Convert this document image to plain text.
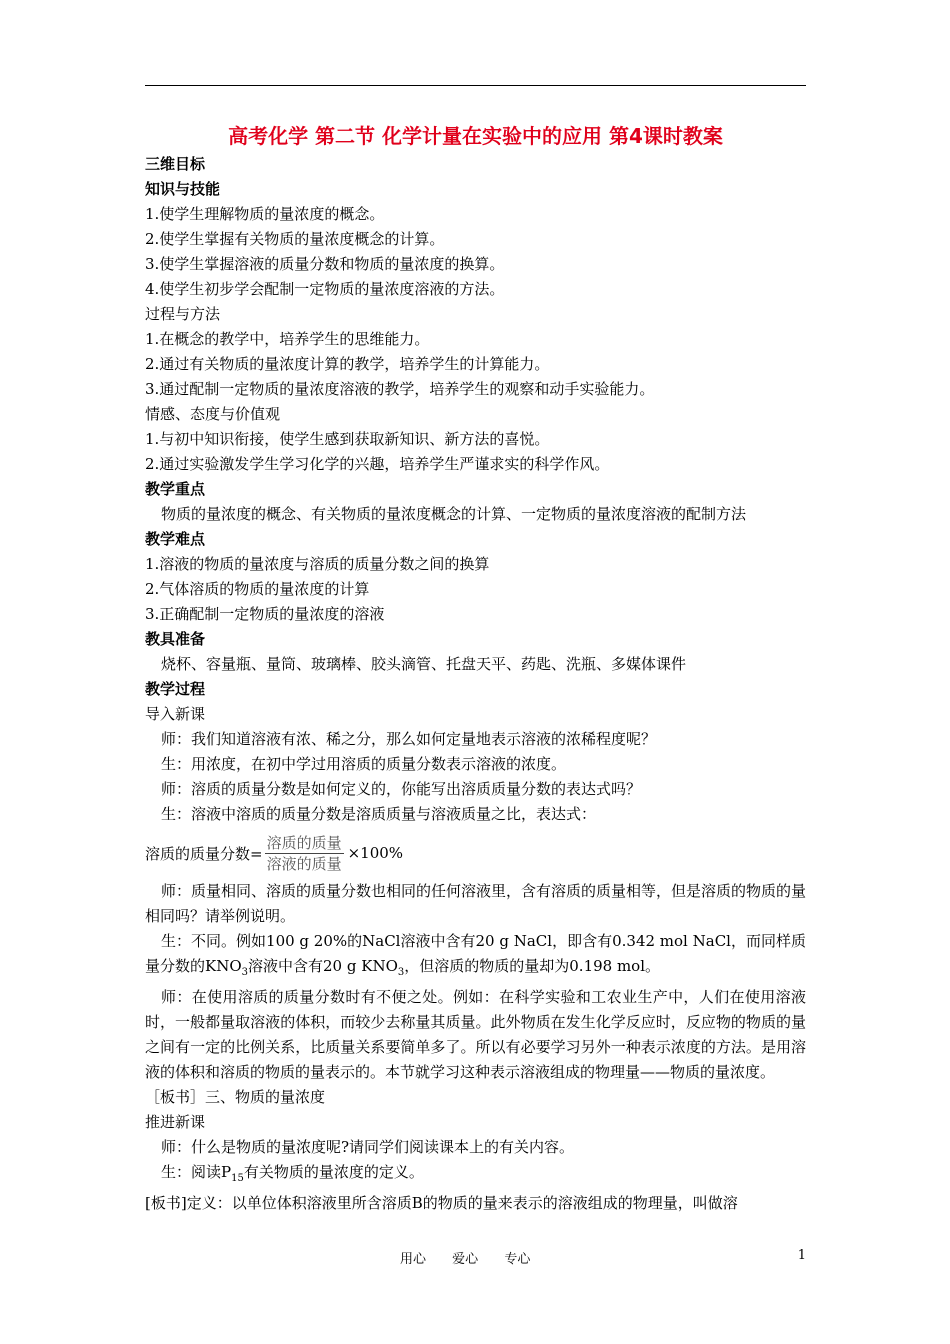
高考化学 第二节 化学计量在实验中的应用 第4课时教案

三维目标

知识与技能

1.使学生理解物质的量浓度的概念。

2.使学生掌握有关物质的量浓度概念的计算。

3.使学生掌握溶液的质量分数和物质的量浓度的换算。

4.使学生初步学会配制一定物质的量浓度溶液的方法。

过程与方法

1.在概念的教学中，培养学生的思维能力。

2.通过有关物质的量浓度计算的教学，培养学生的计算能力。

3.通过配制一定物质的量浓度溶液的教学，培养学生的观察和动手实验能力。

情感、态度与价值观

1.与初中知识衔接，使学生感到获取新知识、新方法的喜悦。

2.通过实验激发学生学习化学的兴趣，培养学生严谨求实的科学作风。

教学重点

物质的量浓度的概念、有关物质的量浓度概念的计算、一定物质的量浓度溶液的配制方法

教学难点

1.溶液的物质的量浓度与溶质的质量分数之间的换算

2.气体溶质的物质的量浓度的计算

3.正确配制一定物质的量浓度的溶液

教具准备

烧杯、容量瓶、量筒、玻璃棒、胶头滴管、托盘天平、药匙、洗瓶、多媒体课件

教学过程

导入新课

师：我们知道溶液有浓、稀之分，那么如何定量地表示溶液的浓稀程度呢？

生：用浓度，在初中学过用溶质的质量分数表示溶液的浓度。

师：溶质的质量分数是如何定义的，你能写出溶质质量分数的表达式吗？

生：溶液中溶质的质量分数是溶质质量与溶液质量之比，表达式：

溶质的质量分数= $\frac{\text{溶质的质量}}{\text{溶液的质量}} \times 100\%$

师：质量相同、溶质的质量分数也相同的任何溶液里，含有溶质的质量相等，但是溶质的物质的量相同吗？请举例说明。

生：不同。例如100 g 20%的NaCl溶液中含有20 g NaCl，即含有0.342 mol NaCl，而同样质量分数的$KNO_3$溶液中含有20 g $KNO_3$，但溶质的物质的量却为0.198 mol。

师：在使用溶质的质量分数时有不便之处。例如：在科学实验和工农业生产中，人们在使用溶液时，一般都量取溶液的体积，而较少去称量其质量。此外物质在发生化学反应时，反应物的物质的量之间有一定的比例关系，比质量关系要简单多了。所以有必要学习另外一种表示浓度的方法。是用溶液的体积和溶质的物质的量表示的。本节就学习这种表示溶液组成的物理量——物质的量浓度。

［板书］三、物质的量浓度

推进新课

师：什么是物质的量浓度呢?请同学们阅读课本上的有关内容。

生：阅读$P_{15}$有关物质的量浓度的定义。

[板书]定义：以单位体积溶液里所含溶质B的物质的量来表示的溶液组成的物理量，叫做溶

用心 爱心 专心	1
